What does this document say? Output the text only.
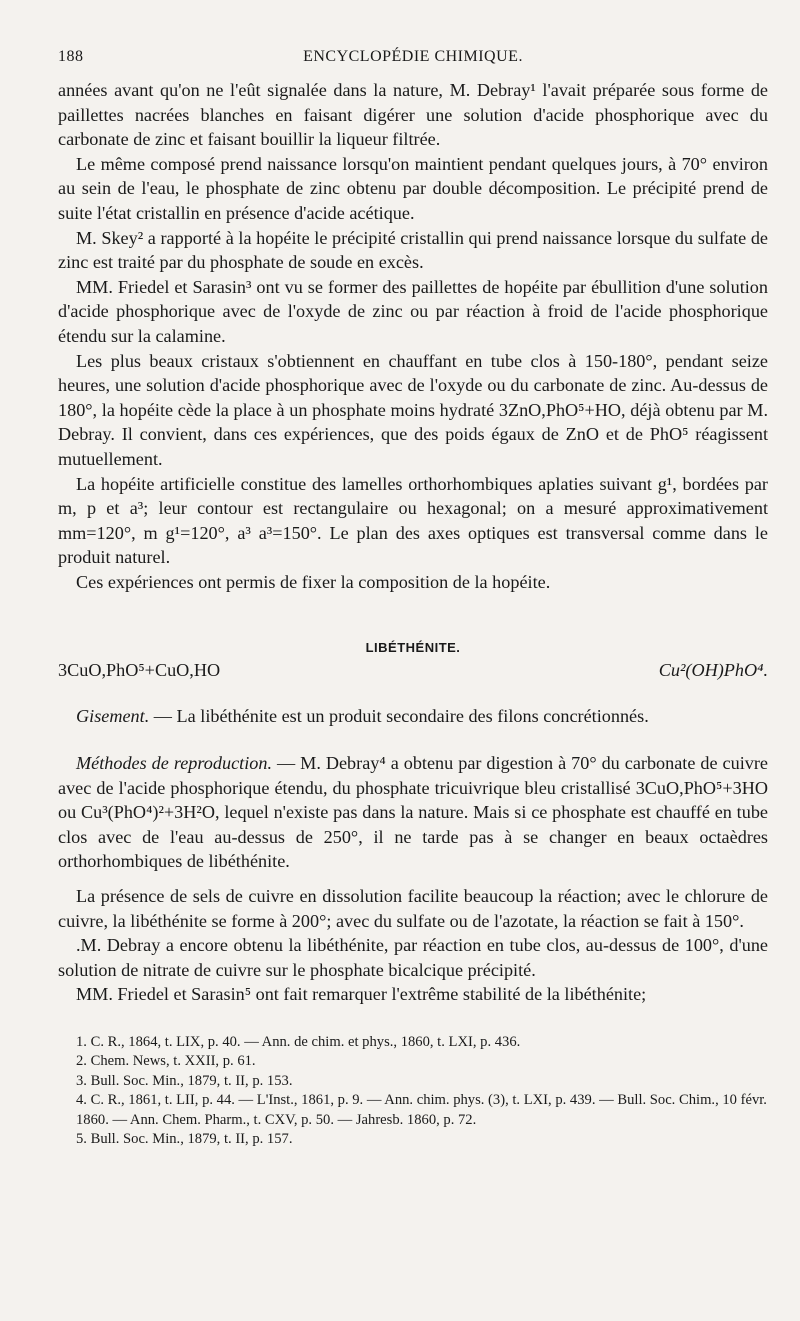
188	ENCYCLOPÉDIE CHIMIQUE.

années avant qu'on ne l'eût signalée dans la nature, M. Debray¹ l'avait préparée sous forme de paillettes nacrées blanches en faisant digérer une solution d'acide phosphorique avec du carbonate de zinc et faisant bouillir la liqueur filtrée.

Le même composé prend naissance lorsqu'on maintient pendant quelques jours, à 70° environ au sein de l'eau, le phosphate de zinc obtenu par double décomposition. Le précipité prend de suite l'état cristallin en présence d'acide acétique.

M. Skey² a rapporté à la hopéite le précipité cristallin qui prend naissance lorsque du sulfate de zinc est traité par du phosphate de soude en excès.

MM. Friedel et Sarasin³ ont vu se former des paillettes de hopéite par ébullition d'une solution d'acide phosphorique avec de l'oxyde de zinc ou par réaction à froid de l'acide phosphorique étendu sur la calamine.

Les plus beaux cristaux s'obtiennent en chauffant en tube clos à 150-180°, pendant seize heures, une solution d'acide phosphorique avec de l'oxyde ou du carbonate de zinc. Au-dessus de 180°, la hopéite cède la place à un phosphate moins hydraté 3ZnO,PhO⁵+HO, déjà obtenu par M. Debray. Il convient, dans ces expériences, que des poids égaux de ZnO et de PhO⁵ réagissent mutuellement.

La hopéite artificielle constitue des lamelles orthorhombiques aplaties suivant g¹, bordées par m, p et a³; leur contour est rectangulaire ou hexagonal; on a mesuré approximativement mm=120°, m g¹=120°, a³ a³=150°. Le plan des axes optiques est transversal comme dans le produit naturel.

Ces expériences ont permis de fixer la composition de la hopéite.

LIBÉTHÉNITE.
3CuO,PhO⁵+CuO,HO	Cu²(OH)PhO⁴.

Gisement. — La libéthénite est un produit secondaire des filons concrétionnés.

Méthodes de reproduction. — M. Debray⁴ a obtenu par digestion à 70° du carbonate de cuivre avec de l'acide phosphorique étendu, du phosphate tricuivrique bleu cristallisé 3CuO,PhO⁵+3HO ou Cu³(PhO⁴)²+3H²O, lequel n'existe pas dans la nature. Mais si ce phosphate est chauffé en tube clos avec de l'eau au-dessus de 250°, il ne tarde pas à se changer en beaux octaèdres orthorhombiques de libéthénite.

La présence de sels de cuivre en dissolution facilite beaucoup la réaction; avec le chlorure de cuivre, la libéthénite se forme à 200°; avec du sulfate ou de l'azotate, la réaction se fait à 150°.

.M. Debray a encore obtenu la libéthénite, par réaction en tube clos, au-dessus de 100°, d'une solution de nitrate de cuivre sur le phosphate bicalcique précipité.

MM. Friedel et Sarasin⁵ ont fait remarquer l'extrême stabilité de la libéthénite;

1. C. R., 1864, t. LIX, p. 40. — Ann. de chim. et phys., 1860, t. LXI, p. 436.
2. Chem. News, t. XXII, p. 61.
3. Bull. Soc. Min., 1879, t. II, p. 153.
4. C. R., 1861, t. LII, p. 44. — L'Inst., 1861, p. 9. — Ann. chim. phys. (3), t. LXI, p. 439. — Bull. Soc. Chim., 10 févr. 1860. — Ann. Chem. Pharm., t. CXV, p. 50. — Jahresb. 1860, p. 72.
5. Bull. Soc. Min., 1879, t. II, p. 157.
